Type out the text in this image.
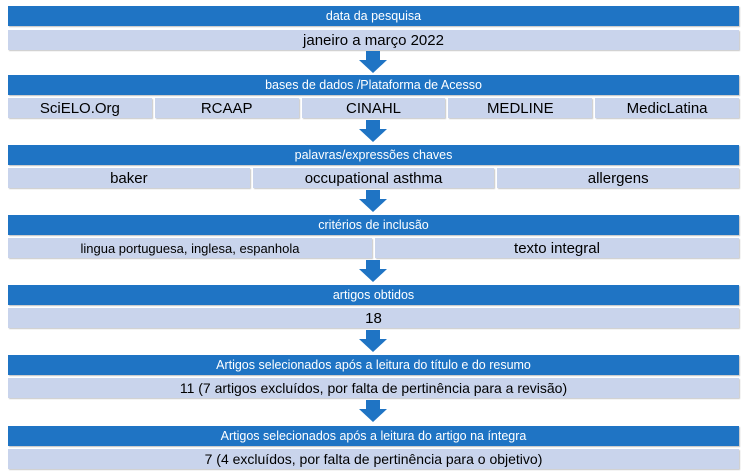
data da pesquisa
janeiro a março 2022
bases de dados /Plataforma de Acesso
SciELO.Org	RCAAP	CINAHL	MEDLINE	MedicLatina
palavras/expressões chaves
baker	occupational asthma	allergens
critérios de inclusão
lingua portuguesa, inglesa, espanhola	texto integral
artigos obtidos
18
Artigos selecionados após a leitura do título e do resumo
11 (7 artigos excluídos, por falta de pertinência para a revisão)
Artigos selecionados após a leitura do artigo na íntegra
7 (4 excluídos, por falta de pertinência para o objetivo)
